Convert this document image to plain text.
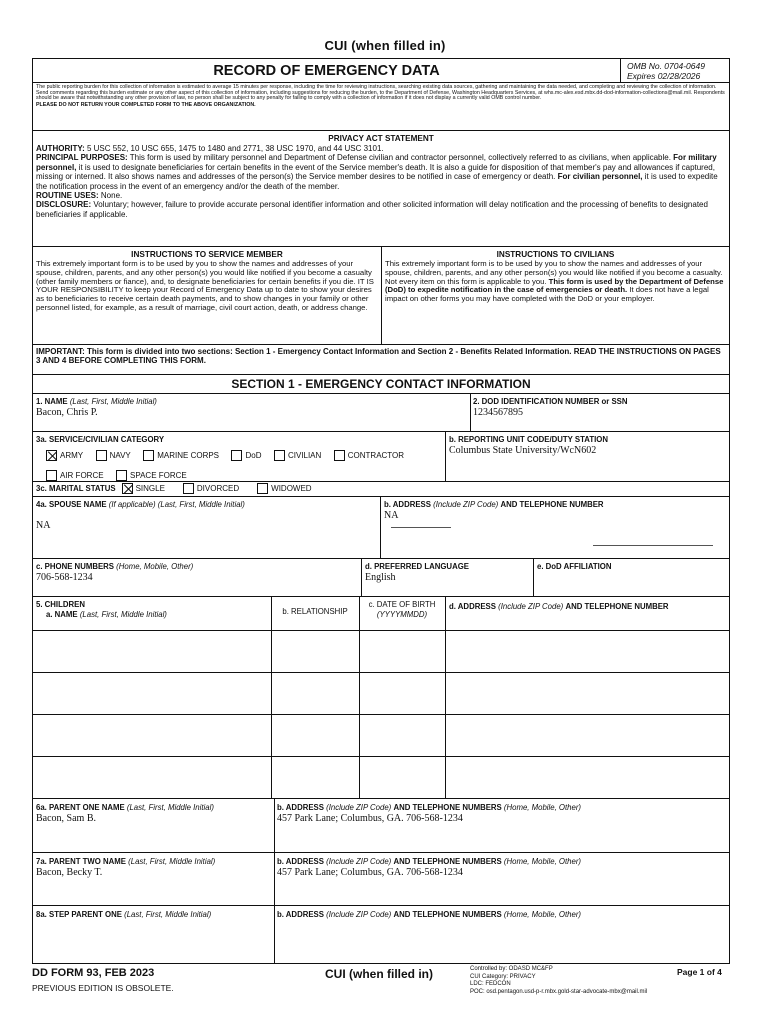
CUI (when filled in)
RECORD OF EMERGENCY DATA	OMB No. 0704-0649
Expires 02/28/2026
The public reporting burden for this collection of information is estimated to average 15 minutes per response, including the time for reviewing instructions, searching existing data sources, gathering and maintaining the data needed, and completing and reviewing the collection of information. Send comments regarding this burden estimate or any other aspect of this collection of information, including suggestions for reducing the burden, to the Department of Defense, Washington Headquarters Services, at whs.mc-alex.esd.mbx.dd-dod-information-collections@mail.mil. Respondents should be aware that notwithstanding any other provision of law, no person shall be subject to any penalty for failing to comply with a collection of information if it does not display a currently valid OMB control number.
PLEASE DO NOT RETURN YOUR COMPLETED FORM TO THE ABOVE ORGANIZATION.
PRIVACY ACT STATEMENT
AUTHORITY: 5 USC 552, 10 USC 655, 1475 to 1480 and 2771, 38 USC 1970, and 44 USC 3101.
PRINCIPAL PURPOSES: This form is used by military personnel and Department of Defense civilian and contractor personnel, collectively referred to as civilians, when applicable. For military personnel, it is used to designate beneficiaries for certain benefits in the event of the Service member's death. It is also a guide for disposition of that member's pay and allowances if captured, missing or interned. It also shows names and addresses of the person(s) the Service member desires to be notified in case of emergency or death. For civilian personnel, it is used to expedite the notification process in the event of an emergency and/or the death of the member.
ROUTINE USES: None.
DISCLOSURE: Voluntary; however, failure to provide accurate personal identifier information and other solicited information will delay notification and the processing of benefits to designated beneficiaries if applicable.
INSTRUCTIONS TO SERVICE MEMBER
This extremely important form is to be used by you to show the names and addresses of your spouse, children, parents, and any other person(s) you would like notified if you become a casualty (other family members or fiance), and, to designate beneficiaries for certain benefits if you die. IT IS YOUR RESPONSIBILITY to keep your Record of Emergency Data up to date to show your desires as to beneficiaries to receive certain death payments, and to show changes in your family or other personnel listed, for example, as a result of marriage, civil court action, death, or address change.
INSTRUCTIONS TO CIVILIANS
This extremely important form is to be used by you to show the names and addresses of your spouse, children, parents, and any other person(s) you would like notified if you become a casualty. Not every item on this form is applicable to you. This form is used by the Department of Defense (DoD) to expedite notification in the case of emergencies or death. It does not have a legal impact on other forms you may have completed with the DoD or your employer.
IMPORTANT: This form is divided into two sections: Section 1 - Emergency Contact Information and Section 2 - Benefits Related Information. READ THE INSTRUCTIONS ON PAGES 3 AND 4 BEFORE COMPLETING THIS FORM.
SECTION 1 - EMERGENCY CONTACT INFORMATION
1. NAME (Last, First, Middle Initial)
Bacon, Chris P.
2. DOD IDENTIFICATION NUMBER or SSN
1234567895
3a. SERVICE/CIVILIAN CATEGORY
ARMY
	NAVY
	MARINE CORPS
	DoD
	CIVILIAN
	CONTRACTOR
AIR FORCE
	SPACE FORCE
b. REPORTING UNIT CODE/DUTY STATION
Columbus State University/WcN602
3c. MARITAL STATUS	SINGLE	DIVORCED	WIDOWED
4a. SPOUSE NAME (If applicable) (Last, First, Middle Initial)
NA
b. ADDRESS (Include ZIP Code) AND TELEPHONE NUMBER
NA
c. PHONE NUMBERS (Home, Mobile, Other)
706-568-1234
d. PREFERRED LANGUAGE
English
e. DoD AFFILIATION
5. CHILDREN
a. NAME (Last, First, Middle Initial)	b. RELATIONSHIP
c. DATE OF BIRTH
(YYYYMMDD)
d. ADDRESS (Include ZIP Code) AND TELEPHONE NUMBER
6a. PARENT ONE NAME (Last, First, Middle Initial)
Bacon, Sam B.
b. ADDRESS (Include ZIP Code) AND TELEPHONE NUMBERS (Home, Mobile, Other)
457 Park Lane; Columbus, GA. 706-568-1234
7a. PARENT TWO NAME (Last, First, Middle Initial)
Bacon, Becky T.
b. ADDRESS (Include ZIP Code) AND TELEPHONE NUMBERS (Home, Mobile, Other)
457 Park Lane; Columbus, GA. 706-568-1234
8a. STEP PARENT ONE (Last, First, Middle Initial)	b. ADDRESS (Include ZIP Code) AND TELEPHONE NUMBERS (Home, Mobile, Other)
DD FORM 93, FEB 2023
PREVIOUS EDITION IS OBSOLETE.
CUI (when filled in)	Controlled by: ODASD MC&FP
CUI Category: PRIVACY
LDC: FEDCON
POC: osd.pentagon.usd-p-r.mbx.gold-star-advocate-mbx@mail.mil
Page 1 of 4
